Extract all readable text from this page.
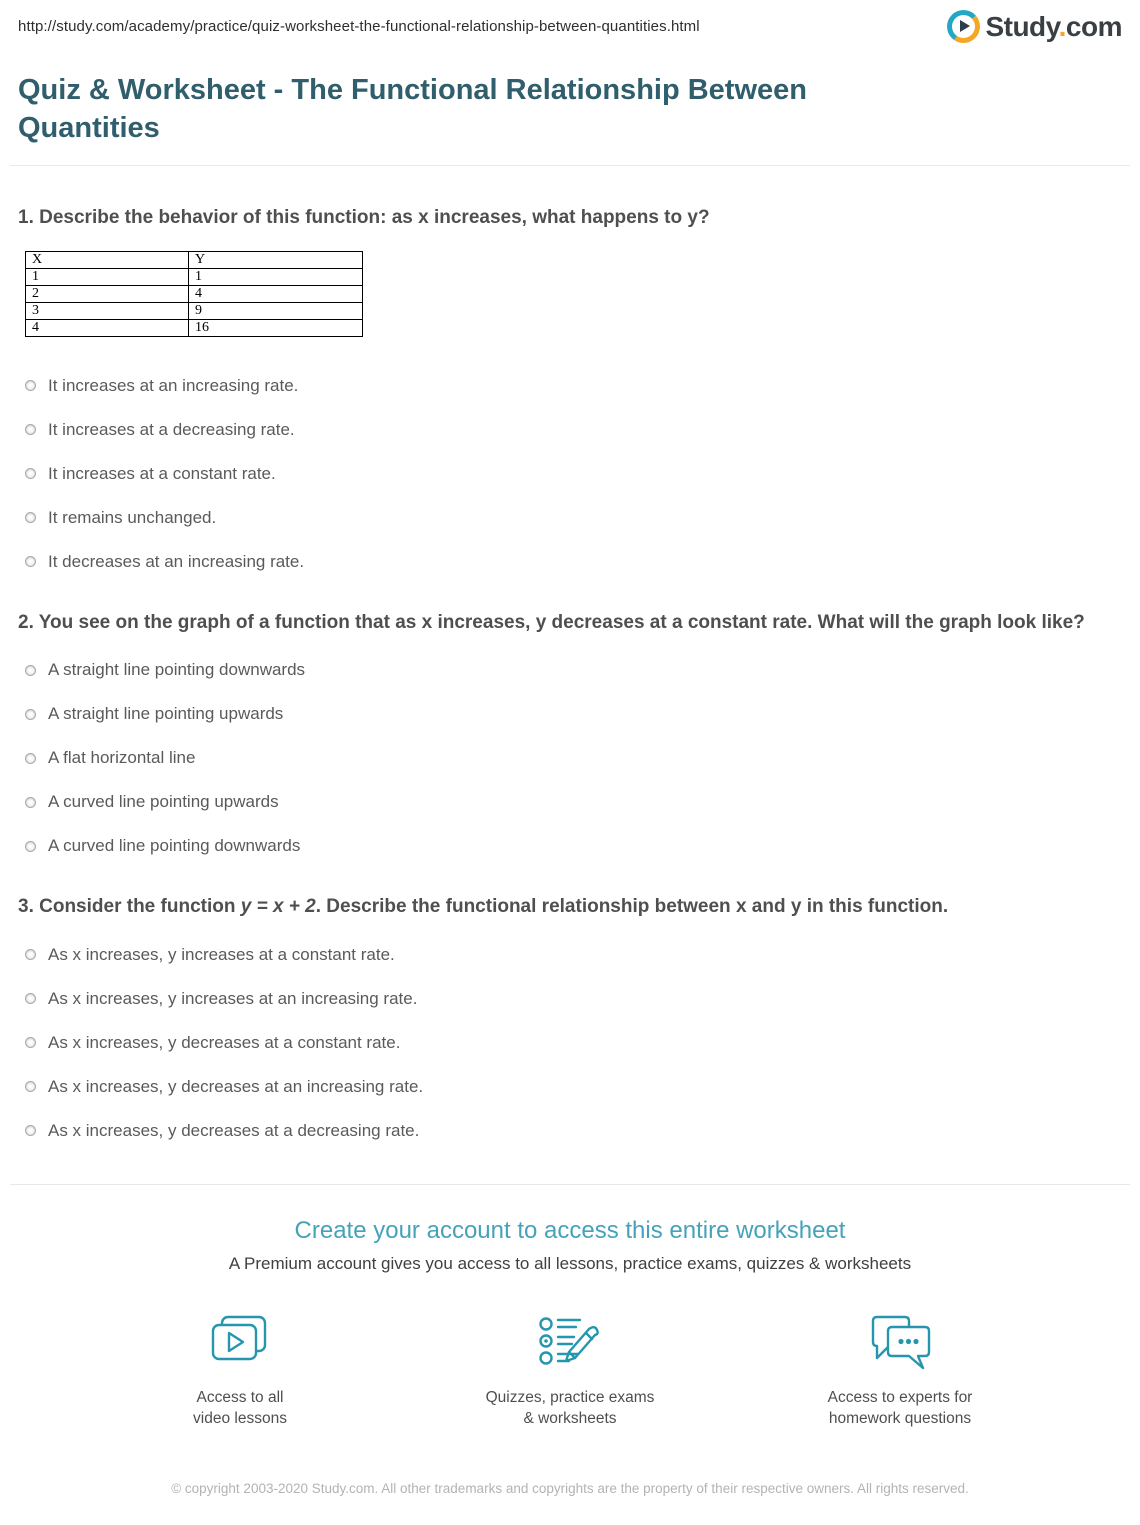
http://study.com/academy/practice/quiz-worksheet-the-functional-relationship-between-quantities.html	Study.com
Quiz & Worksheet - The Functional Relationship Between Quantities
1. Describe the behavior of this function: as x increases, what happens to y?
X	Y
1	1
2	4
3	9
4	16
It increases at an increasing rate.
It increases at a decreasing rate.
It increases at a constant rate.
It remains unchanged.
It decreases at an increasing rate.
2. You see on the graph of a function that as x increases, y decreases at a constant rate. What will the graph look like?
A straight line pointing downwards
A straight line pointing upwards
A flat horizontal line
A curved line pointing upwards
A curved line pointing downwards
3. Consider the function y = x + 2. Describe the functional relationship between x and y in this function.
As x increases, y increases at a constant rate.
As x increases, y increases at an increasing rate.
As x increases, y decreases at a constant rate.
As x increases, y decreases at an increasing rate.
As x increases, y decreases at a decreasing rate.
Create your account to access this entire worksheet
A Premium account gives you access to all lessons, practice exams, quizzes & worksheets
Access to all
video lessons
Quizzes, practice exams
& worksheets
Access to experts for
homework questions
© copyright 2003-2020 Study.com. All other trademarks and copyrights are the property of their respective owners. All rights reserved.
